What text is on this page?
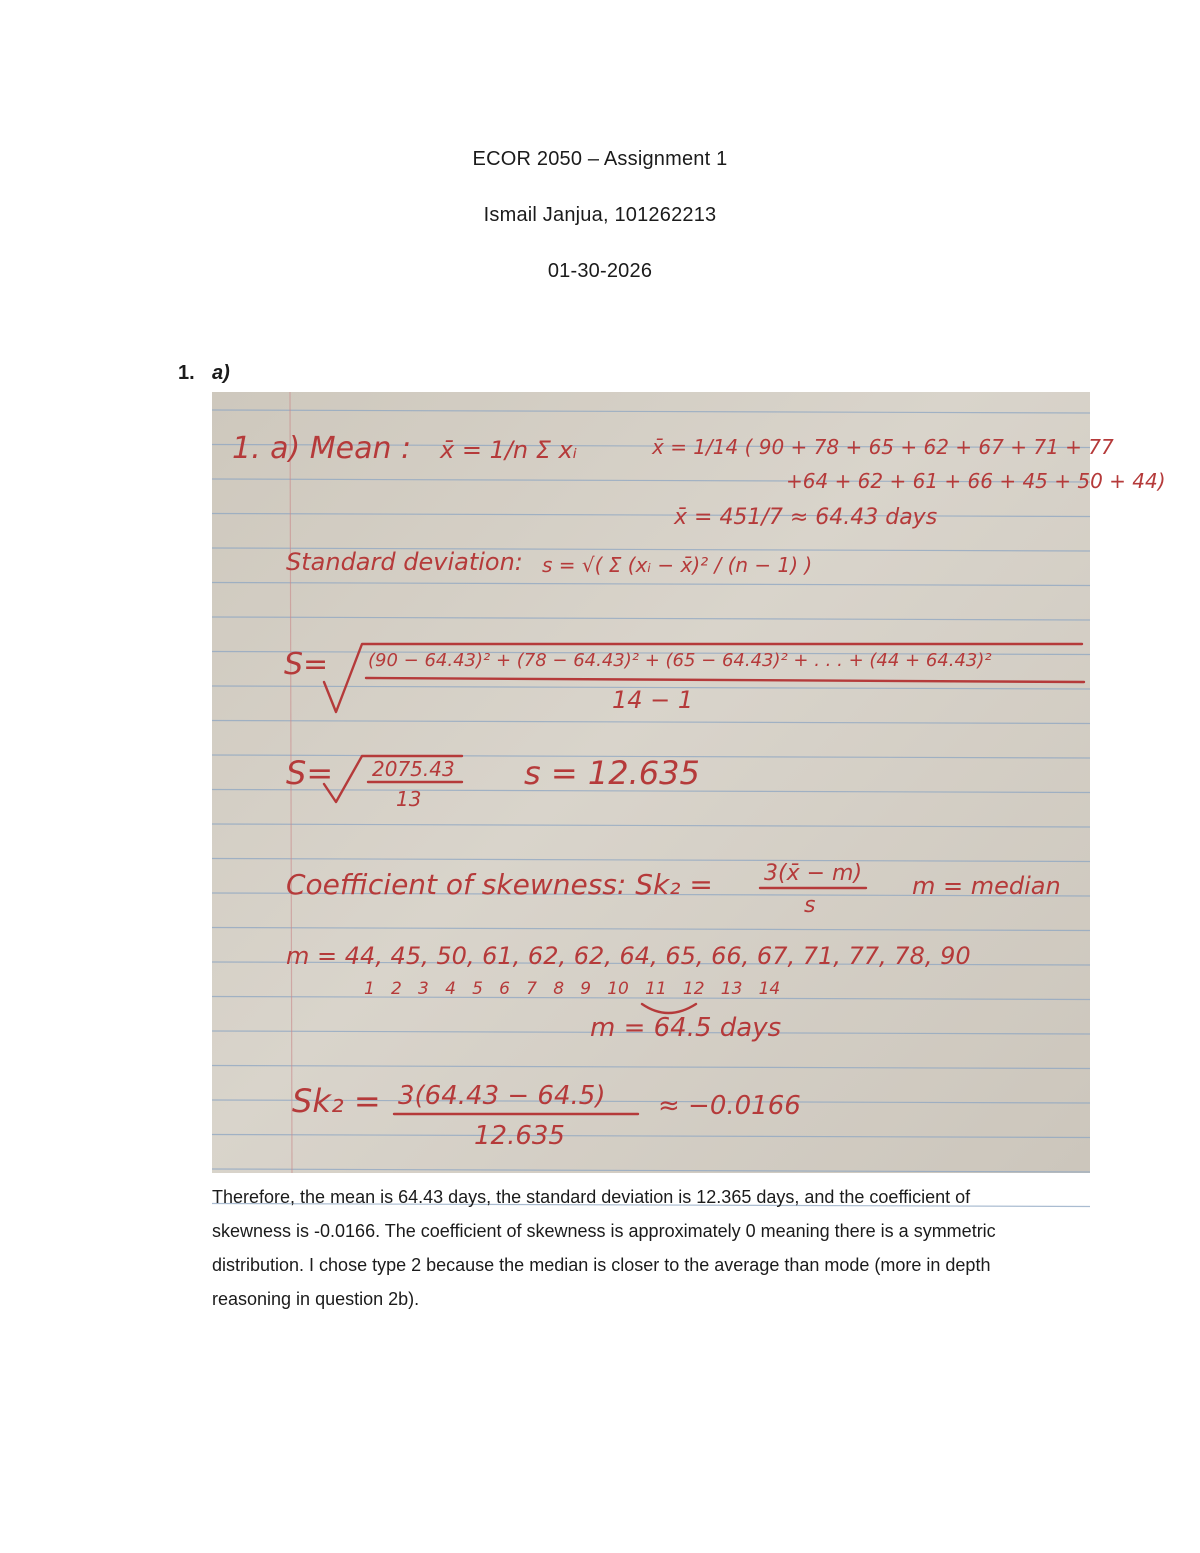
ECOR 2050 – Assignment 1
Ismail Janjua, 101262213
01-30-2026
1. a)
1. a) Mean : x̄ = 1/n Σ xᵢ	x̄ = 1/14 ( 90 + 78 + 65 + 62 + 67 + 71 + 77
+64 + 62 + 61 + 66 + 45 + 50 + 44)
x̄ = 451/7 ≈ 64.43 days
Standard deviation: s = √( Σ (xᵢ − x̄)² / (n − 1) )
S= (90 − 64.43)² + (78 − 64.43)² + (65 − 64.43)² + . . . + (44 + 64.43)²
14 − 1
S= 2075.43
13
s = 12.635
Coefficient of skewness: Sk₂ = 3(x̄ − m)
s
m = median
m = 44, 45, 50, 61, 62, 62, 64, 65, 66, 67, 71, 77, 78, 90
1   2   3   4   5   6   7   8   9   10   11   12   13   14
m = 64.5 days
Sk₂ = 3(64.43 − 64.5)
12.635
≈ −0.0166
Therefore, the mean is 64.43 days, the standard deviation is 12.365 days, and the coefficient of skewness is -0.0166. The coefficient of skewness is approximately 0 meaning there is a symmetric distribution. I chose type 2 because the median is closer to the average than mode (more in depth reasoning in question 2b).
